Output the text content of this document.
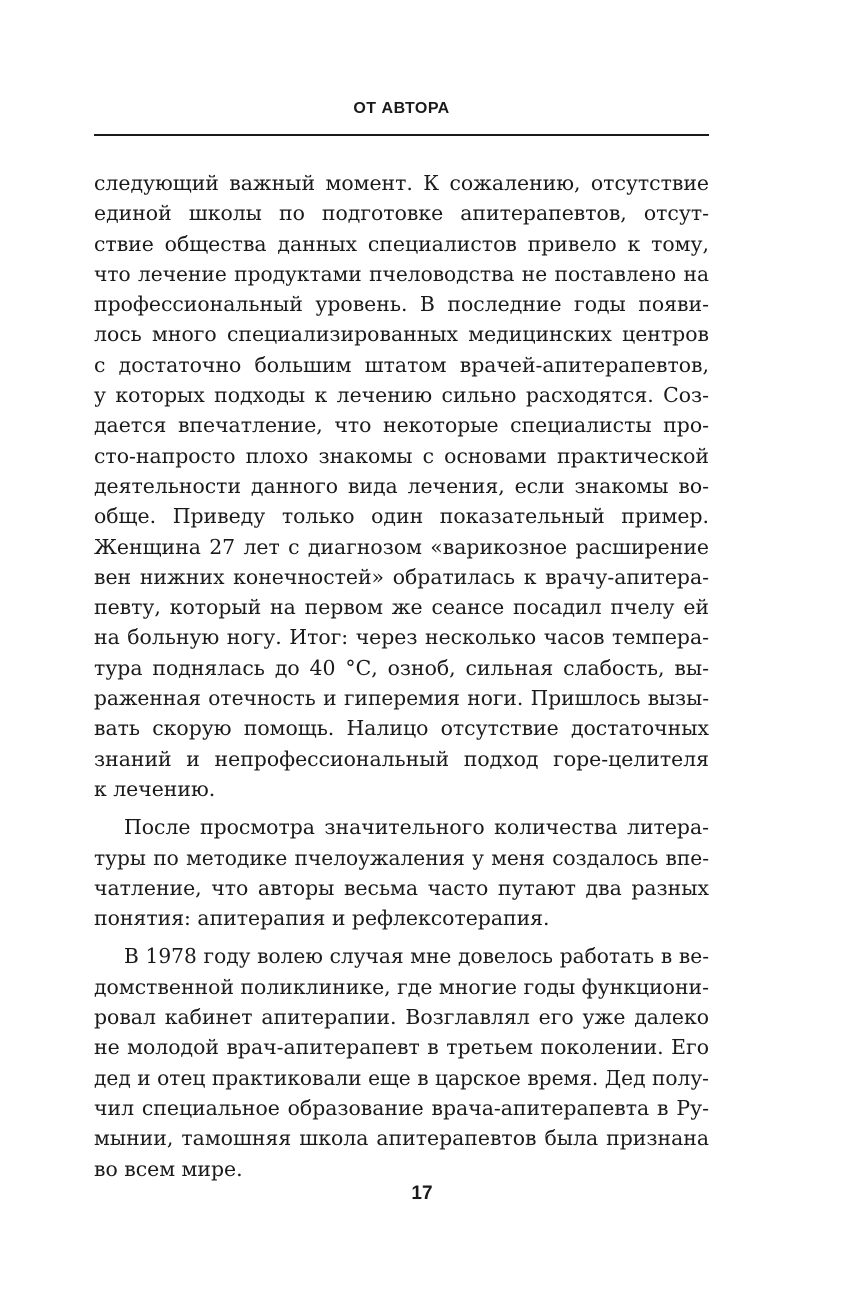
ОТ АВТОРА

следующий важный момент. К сожалению, отсутствие
единой школы по подготовке апитерапевтов, отсут-
ствие общества данных специалистов привело к тому,
что лечение продуктами пчеловодства не поставлено на
профессиональный уровень. В последние годы появи-
лось много специализированных медицинских центров
с достаточно большим штатом врачей-апитерапевтов,
у которых подходы к лечению сильно расходятся. Соз-
дается впечатление, что некоторые специалисты про-
сто-напросто плохо знакомы с основами практической
деятельности данного вида лечения, если знакомы во-
обще. Приведу только один показательный пример.
Женщина 27 лет с диагнозом «варикозное расширение
вен нижних конечностей» обратилась к врачу-апитера-
певту, который на первом же сеансе посадил пчелу ей
на больную ногу. Итог: через несколько часов темпера-
тура поднялась до 40 °С, озноб, сильная слабость, вы-
раженная отечность и гиперемия ноги. Пришлось вызы-
вать скорую помощь. Налицо отсутствие достаточных
знаний и непрофессиональный подход горе-целителя
к лечению.

После просмотра значительного количества литера-
туры по методике пчелоужаления у меня создалось впе-
чатление, что авторы весьма часто путают два разных
понятия: апитерапия и рефлексотерапия.

В 1978 году волею случая мне довелось работать в ве-
домственной поликлинике, где многие годы функциони-
ровал кабинет апитерапии. Возглавлял его уже далеко
не молодой врач-апитерапевт в третьем поколении. Его
дед и отец практиковали еще в царское время. Дед полу-
чил специальное образование врача-апитерапевта в Ру-
мынии, тамошняя школа апитерапевтов была признана
во всем мире.

17
